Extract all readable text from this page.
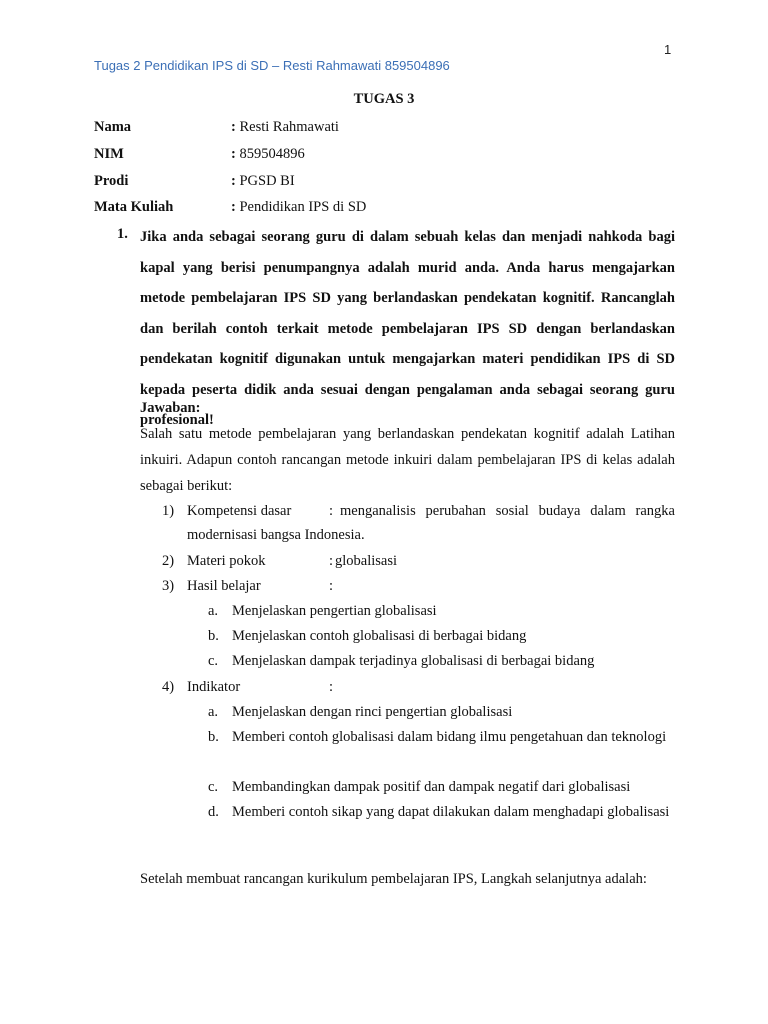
1
Tugas 2 Pendidikan IPS di SD – Resti Rahmawati 859504896
TUGAS 3
Nama	: Resti Rahmawati
NIM	: 859504896
Prodi	: PGSD BI
Mata Kuliah	: Pendidikan IPS di SD
1. Jika anda sebagai seorang guru di dalam sebuah kelas dan menjadi nahkoda bagi kapal yang berisi penumpangnya adalah murid anda. Anda harus mengajarkan metode pembelajaran IPS SD yang berlandaskan pendekatan kognitif. Rancanglah dan berilah contoh terkait metode pembelajaran IPS SD dengan berlandaskan pendekatan kognitif digunakan untuk mengajarkan materi pendidikan IPS di SD kepada peserta didik anda sesuai dengan pengalaman anda sebagai seorang guru profesional!
Jawaban:
Salah satu metode pembelajaran yang berlandaskan pendekatan kognitif adalah Latihan inkuiri. Adapun contoh rancangan metode inkuiri dalam pembelajaran IPS di kelas adalah sebagai berikut:
1) Kompetensi dasar	: menganalisis perubahan sosial budaya dalam rangka
modernisasi bangsa Indonesia.
2) Materi pokok	: globalisasi
3) Hasil belajar	:
a. Menjelaskan pengertian globalisasi
b. Menjelaskan contoh globalisasi di berbagai bidang
c. Menjelaskan dampak terjadinya globalisasi di berbagai bidang
4) Indikator	:
a. Menjelaskan dengan rinci pengertian globalisasi
b. Memberi contoh globalisasi dalam bidang ilmu pengetahuan dan teknologi
c. Membandingkan dampak positif dan dampak negatif dari globalisasi
d. Memberi contoh sikap yang dapat dilakukan dalam menghadapi globalisasi
Setelah membuat rancangan kurikulum pembelajaran IPS, Langkah selanjutnya adalah:
